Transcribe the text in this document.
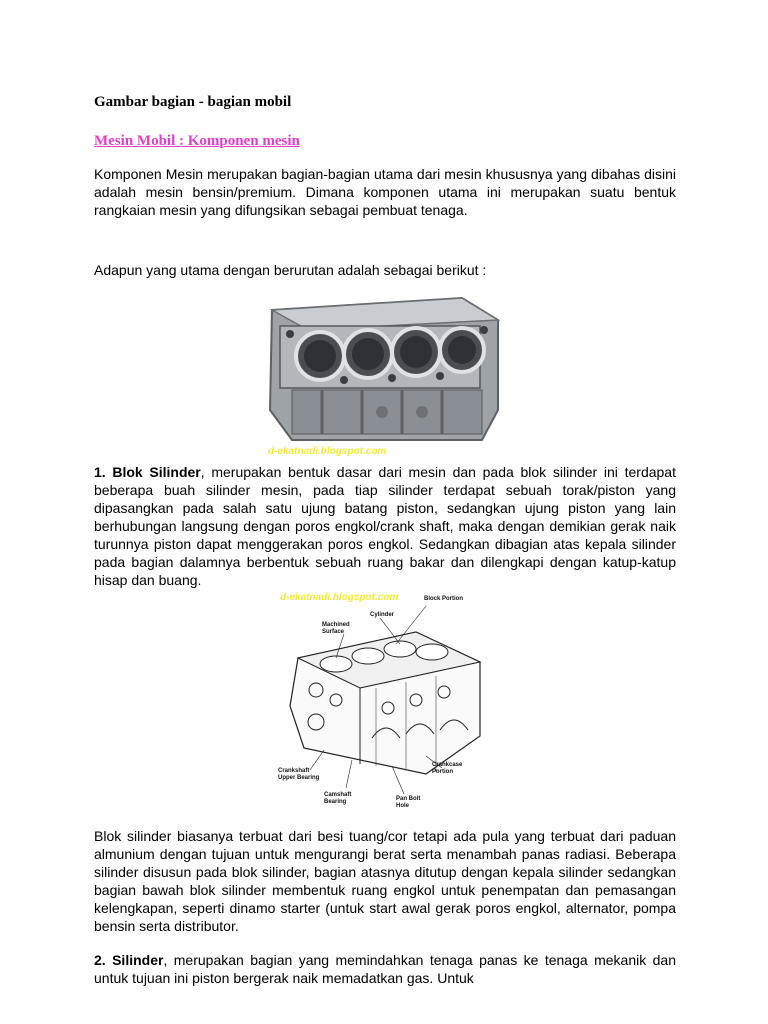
Gambar bagian - bagian mobil
Mesin Mobil : Komponen mesin
Komponen Mesin merupakan bagian-bagian utama dari mesin khususnya yang dibahas disini adalah mesin bensin/premium. Dimana komponen utama ini merupakan suatu bentuk rangkaian mesin yang difungsikan sebagai pembuat tenaga.
Adapun yang utama dengan berurutan adalah sebagai berikut :
d-ekatnadi.blogspot.com
1. Blok Silinder, merupakan bentuk dasar dari mesin dan pada blok silinder ini terdapat beberapa buah silinder mesin, pada tiap silinder terdapat sebuah torak/piston yang dipasangkan pada salah satu ujung batang piston, sedangkan ujung piston yang lain berhubungan langsung dengan poros engkol/crank shaft, maka dengan demikian gerak naik turunnya piston dapat menggerakan poros engkol. Sedangkan dibagian atas kepala silinder pada bagian dalamnya berbentuk sebuah ruang bakar dan dilengkapi dengan katup-katup hisap dan buang.
d-ekatnadi.blogspot.com	Block Portion
Cylinder
Machined
Surface
Crankcase
Portion
Crankshaft
Upper Bearing
Camshaft
Bearing	Pan Bolt
Hole
Blok silinder biasanya terbuat dari besi tuang/cor tetapi ada pula yang terbuat dari paduan almunium dengan tujuan untuk mengurangi berat serta menambah panas radiasi. Beberapa silinder disusun pada blok silinder, bagian atasnya ditutup dengan kepala silinder sedangkan bagian bawah blok silinder membentuk ruang engkol untuk penempatan dan pemasangan kelengkapan, seperti dinamo starter (untuk start awal gerak poros engkol, alternator, pompa bensin serta distributor.
2. Silinder, merupakan bagian yang memindahkan tenaga panas ke tenaga mekanik dan untuk tujuan ini piston bergerak naik memadatkan gas. Untuk
